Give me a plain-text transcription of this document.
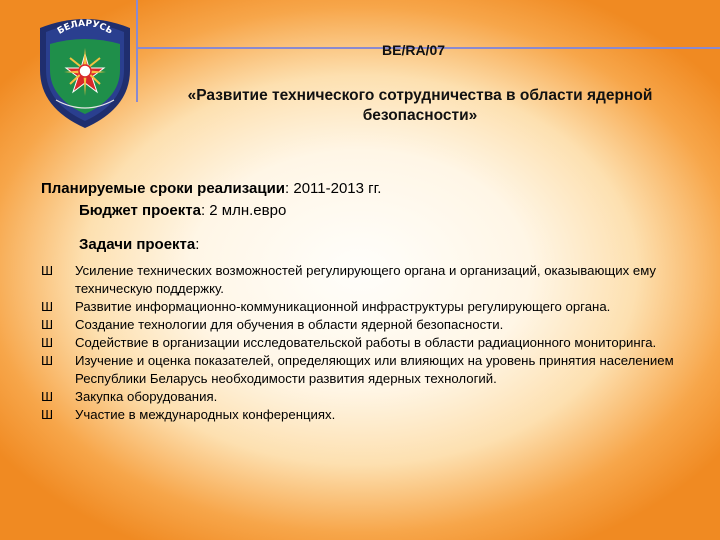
БЕЛАРУСЬ
BE/RA/07
«Развитие технического сотрудничества в области ядерной безопасности»
Планируемые сроки реализации: 2011-2013 гг.
Бюджет проекта: 2 млн.евро
Задачи проекта:
Ш	Усиление технических возможностей регулирующего органа и организаций, оказывающих ему техническую поддержку.
Ш	Развитие информационно-коммуникационной инфраструктуры регулирующего органа.
Ш	Создание технологии для обучения в области ядерной безопасности.
Ш	Содействие в организации исследовательской работы в области радиационного мониторинга.
Ш	Изучение и оценка показателей, определяющих или влияющих на уровень принятия населением Республики Беларусь необходимости развития ядерных технологий.
Ш	Закупка оборудования.
Ш	Участие в международных конференциях.
